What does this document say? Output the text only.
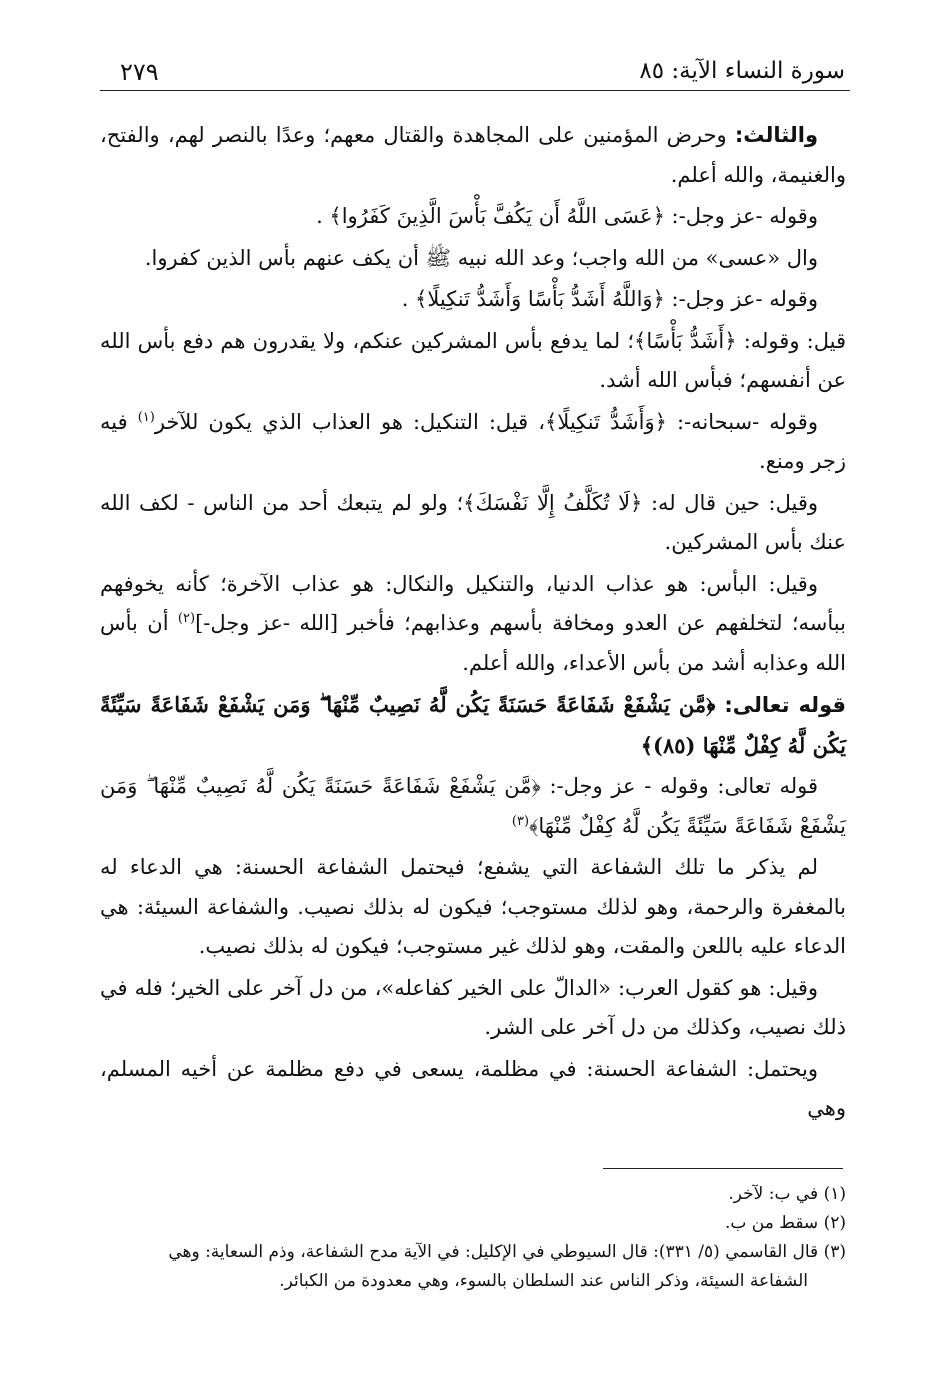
٢٧٩	سورة النساء الآية: ٨٥

والثالث: وحرض المؤمنين على المجاهدة والقتال معهم؛ وعدًا بالنصر لهم، والفتح، والغنيمة، والله أعلم.

وقوله -عز وجل-: ﴿عَسَى اللَّهُ أَن يَكُفَّ بَأْسَ الَّذِينَ كَفَرُوا﴾ .

وال «عسى» من الله واجب؛ وعد الله نبيه ﷺ أن يكف عنهم بأس الذين كفروا.

وقوله -عز وجل-: ﴿وَاللَّهُ أَشَدُّ بَأْسًا وَأَشَدُّ تَنكِيلًا﴾ .

قيل: وقوله: ﴿أَشَدُّ بَأْسًا﴾؛ لما يدفع بأس المشركين عنكم، ولا يقدرون هم دفع بأس الله عن أنفسهم؛ فبأس الله أشد.

وقوله -سبحانه-: ﴿وَأَشَدُّ تَنكِيلًا﴾، قيل: التنكيل: هو العذاب الذي يكون للآخر$^{(١)}$ فيه زجر ومنع.

وقيل: حين قال له: ﴿لَا تُكَلَّفُ إِلَّا نَفْسَكَ﴾؛ ولو لم يتبعك أحد من الناس - لكف الله عنك بأس المشركين.

وقيل: البأس: هو عذاب الدنيا، والتنكيل والنكال: هو عذاب الآخرة؛ كأنه يخوفهم ببأسه؛ لتخلفهم عن العدو ومخافة بأسهم وعذابهم؛ فأخبر [الله -عز وجل-]$^{(٢)}$ أن بأس الله وعذابه أشد من بأس الأعداء، والله أعلم.

قوله تعالى: ﴿مَّن يَشْفَعْ شَفَاعَةً حَسَنَةً يَكُن لَّهُ نَصِيبٌ مِّنْهَا ۖ وَمَن يَشْفَعْ شَفَاعَةً سَيِّئَةً يَكُن لَّهُ كِفْلٌ مِّنْهَا (٨٥)﴾

قوله تعالى: وقوله - عز وجل-: ﴿مَّن يَشْفَعْ شَفَاعَةً حَسَنَةً يَكُن لَّهُ نَصِيبٌ مِّنْهَا ۖ وَمَن يَشْفَعْ شَفَاعَةً سَيِّئَةً يَكُن لَّهُ كِفْلٌ مِّنْهَا﴾$^{(٣)}$

لم يذكر ما تلك الشفاعة التي يشفع؛ فيحتمل الشفاعة الحسنة: هي الدعاء له بالمغفرة والرحمة، وهو لذلك مستوجب؛ فيكون له بذلك نصيب. والشفاعة السيئة: هي الدعاء عليه باللعن والمقت، وهو لذلك غير مستوجب؛ فيكون له بذلك نصيب.

وقيل: هو كقول العرب: «الدالّ على الخير كفاعله»، من دل آخر على الخير؛ فله في ذلك نصيب، وكذلك من دل آخر على الشر.

ويحتمل: الشفاعة الحسنة: في مظلمة، يسعى في دفع مظلمة عن أخيه المسلم، وهي

(١) في ب: لآخر.

(٢) سقط من ب.

(٣) قال القاسمي (٥/ ٣٣١): قال السيوطي في الإكليل: في الآية مدح الشفاعة، وذم السعاية: وهي

الشفاعة السيئة، وذكر الناس عند السلطان بالسوء، وهي معدودة من الكبائر.
